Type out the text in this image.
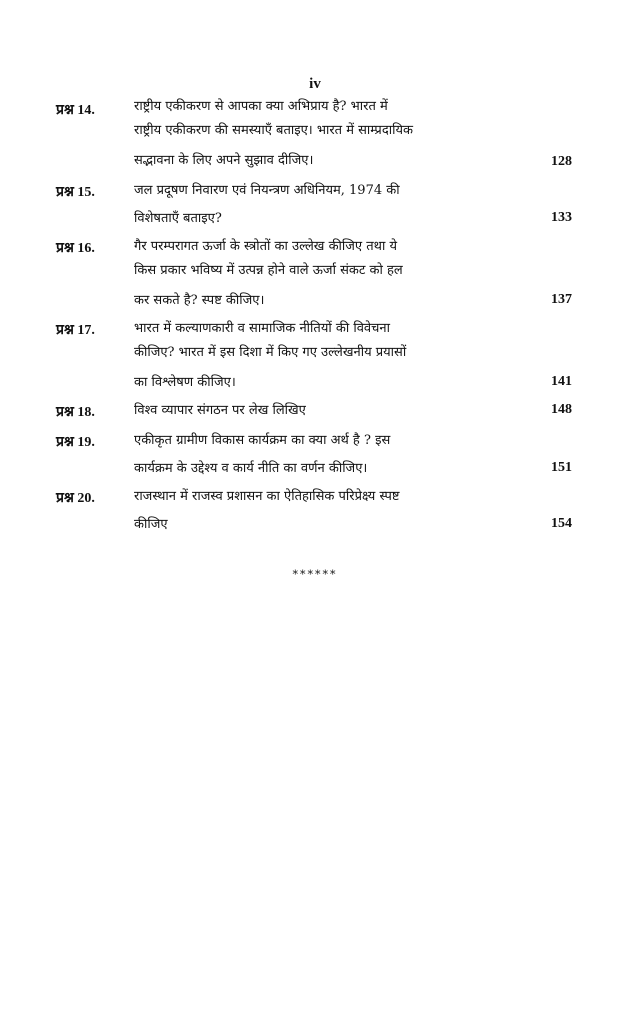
iv
प्रश्न 14.	राष्ट्रीय एकीकरण से आपका क्या अभिप्राय है? भारत में
राष्ट्रीय एकीकरण की समस्याएँ बताइए। भारत में साम्प्रदायिक
सद्भावना के लिए अपने सुझाव दीजिए।	128
प्रश्न 15.	जल प्रदूषण निवारण एवं नियन्त्रण अधिनियम, 1974 की
विशेषताएँ बताइए?	133
प्रश्न 16.	गैर परम्परागत ऊर्जा के स्त्रोतों का उल्लेख कीजिए तथा ये
किस प्रकार भविष्य में उत्पन्न होने वाले ऊर्जा संकट को हल
कर सकते है? स्पष्ट कीजिए।	137
प्रश्न 17.	भारत में कल्याणकारी व सामाजिक नीतियों की विवेचना
कीजिए? भारत में इस दिशा में किए गए उल्लेखनीय प्रयासों
का विश्लेषण कीजिए।	141
प्रश्न 18.	विश्व व्यापार संगठन पर लेख लिखिए	148
प्रश्न 19.	एकीकृत ग्रामीण विकास कार्यक्रम का क्या अर्थ है ? इस
कार्यक्रम के उद्देश्य व कार्य नीति का वर्णन कीजिए।	151
प्रश्न 20.	राजस्थान में राजस्व प्रशासन का ऐतिहासिक परिप्रेक्ष्य स्पष्ट
कीजिए	154
******
